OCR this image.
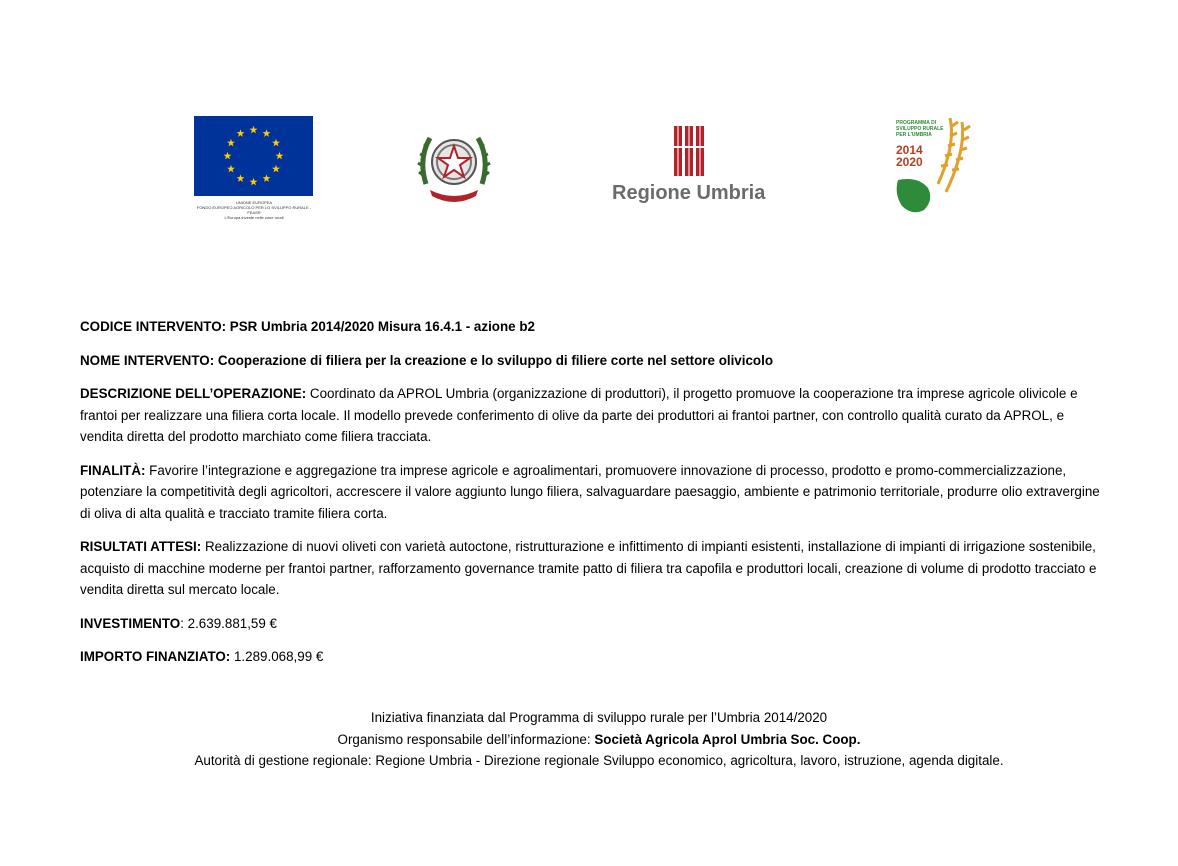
UNIONE EUROPEA
FONDO EUROPEO AGRICOLO PER LO SVILUPPO RURALE - FEASR
L'Europa investe nelle zone rurali
Regione Umbria
PROGRAMMA DI
SVILUPPO RURALE
PER L'UMBRIA
2014
2020

CODICE INTERVENTO: PSR Umbria 2014/2020 Misura 16.4.1 - azione b2

NOME INTERVENTO: Cooperazione di filiera per la creazione e lo sviluppo di filiere corte nel settore olivicolo

DESCRIZIONE DELL’OPERAZIONE: Coordinato da APROL Umbria (organizzazione di produttori), il progetto promuove la cooperazione tra imprese agricole olivicole e frantoi per realizzare una filiera corta locale. Il modello prevede conferimento di olive da parte dei produttori ai frantoi partner, con controllo qualità curato da APROL, e vendita diretta del prodotto marchiato come filiera tracciata.

FINALITÀ: Favorire l’integrazione e aggregazione tra imprese agricole e agroalimentari, promuovere innovazione di processo, prodotto e promo-commercializzazione, potenziare la competitività degli agricoltori, accrescere il valore aggiunto lungo filiera, salvaguardare paesaggio, ambiente e patrimonio territoriale, produrre olio extravergine di oliva di alta qualità e tracciato tramite filiera corta.

RISULTATI ATTESI: Realizzazione di nuovi oliveti con varietà autoctone, ristrutturazione e infittimento di impianti esistenti, installazione di impianti di irrigazione sostenibile, acquisto di macchine moderne per frantoi partner, rafforzamento governance tramite patto di filiera tra capofila e produttori locali, creazione di volume di prodotto tracciato e vendita diretta sul mercato locale.

INVESTIMENTO: 2.639.881,59 €

IMPORTO FINANZIATO: 1.289.068,99 €

Iniziativa finanziata dal Programma di sviluppo rurale per l’Umbria 2014/2020
Organismo responsabile dell’informazione: Società Agricola Aprol Umbria Soc. Coop.
Autorità di gestione regionale: Regione Umbria - Direzione regionale Sviluppo economico, agricoltura, lavoro, istruzione, agenda digitale.
